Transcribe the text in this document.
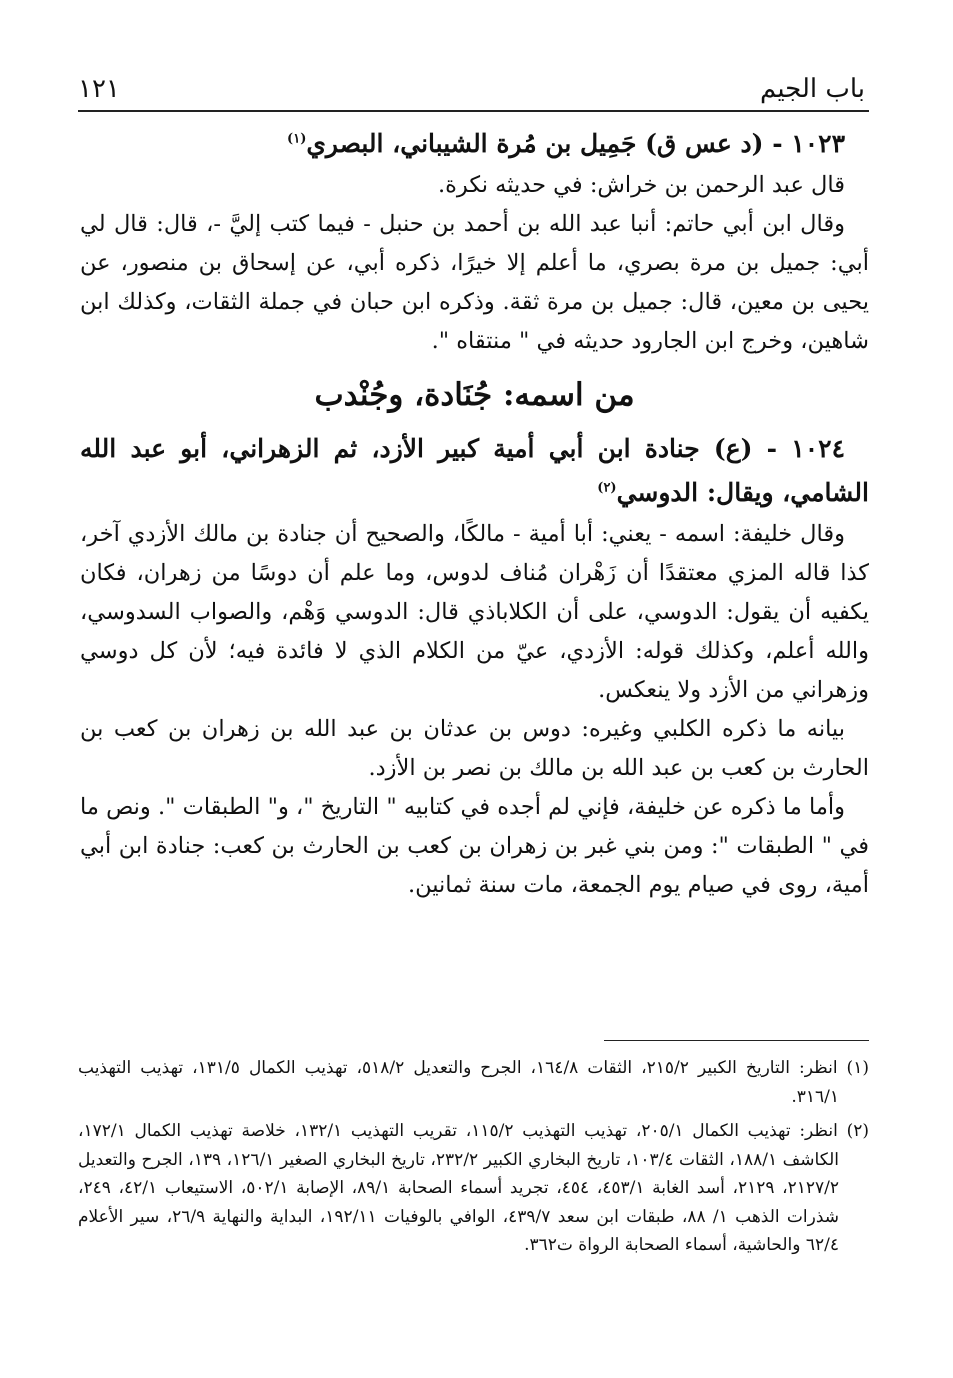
باب الجيم
١٢١

١٠٢٣ - (د عس ق) جَمِيل بن مُرة الشيباني، البصري$^{(١)}$

قال عبد الرحمن بن خراش: في حديثه نكرة.

وقال ابن أبي حاتم: أنبا عبد الله بن أحمد بن حنبل - فيما كتب إليَّ -، قال: قال لي أبي: جميل بن مرة بصري، ما أعلم إلا خيرًا، ذكره أبي، عن إسحاق بن منصور، عن يحيى بن معين، قال: جميل بن مرة ثقة. وذكره ابن حبان في جملة الثقات، وكذلك ابن شاهين، وخرج ابن الجارود حديثه في " منتقاه ".

من اسمه: جُنَادة، وجُنْدب

١٠٢٤ - (ع) جنادة ابن أبي أمية كبير الأزد، ثم الزهراني، أبو عبد الله الشامي، ويقال: الدوسي$^{(٢)}$

وقال خليفة: اسمه - يعني: أبا أمية - مالكًا، والصحيح أن جنادة بن مالك الأزدي آخر، كذا قاله المزي معتقدًا أن زَهْران مُناف لدوس، وما علم أن دوسًا من زهران، فكان يكفيه أن يقول: الدوسي، على أن الكلاباذي قال: الدوسي وَهْم، والصواب السدوسي، والله أعلم، وكذلك قوله: الأزدي، عيّ من الكلام الذي لا فائدة فيه؛ لأن كل دوسي وزهراني من الأزد ولا ينعكس.

بيانه ما ذكره الكلبي وغيره: دوس بن عدثان بن عبد الله بن زهران بن كعب بن الحارث بن كعب بن عبد الله بن مالك بن نصر بن الأزد.

وأما ما ذكره عن خليفة، فإني لم أجده في كتابيه " التاريخ "، و" الطبقات ". ونص ما في " الطبقات ": ومن بني غبر بن زهران بن كعب بن الحارث بن كعب: جنادة ابن أبي أمية، روى في صيام يوم الجمعة، مات سنة ثمانين.

(١) انظر: التاريخ الكبير ٢١٥/٢، الثقات ١٦٤/٨، الجرح والتعديل ٥١٨/٢، تهذيب الكمال ١٣١/٥، تهذيب التهذيب ٣١٦/١.

(٢) انظر: تهذيب الكمال ٢٠٥/١، تهذيب التهذيب ١١٥/٢، تقريب التهذيب ١٣٢/١، خلاصة تهذيب الكمال ١٧٢/١، الكاشف ١٨٨/١، الثقات ١٠٣/٤، تاريخ البخاري الكبير ٢٣٢/٢، تاريخ البخاري الصغير ١٢٦/١، ١٣٩، الجرح والتعديل ٢١٢٧/٢، ٢١٢٩، أسد الغابة ٤٥٣/١، ٤٥٤، تجريد أسماء الصحابة ٨٩/١، الإصابة ٥٠٢/١، الاستيعاب ٤٢/١، ٢٤٩، شذرات الذهب ١/ ٨٨، طبقات ابن سعد ٤٣٩/٧، الوافي بالوفيات ١٩٢/١١، البداية والنهاية ٢٦/٩، سير الأعلام ٦٢/٤ والحاشية، أسماء الصحابة الرواة ت٣٦٢.
